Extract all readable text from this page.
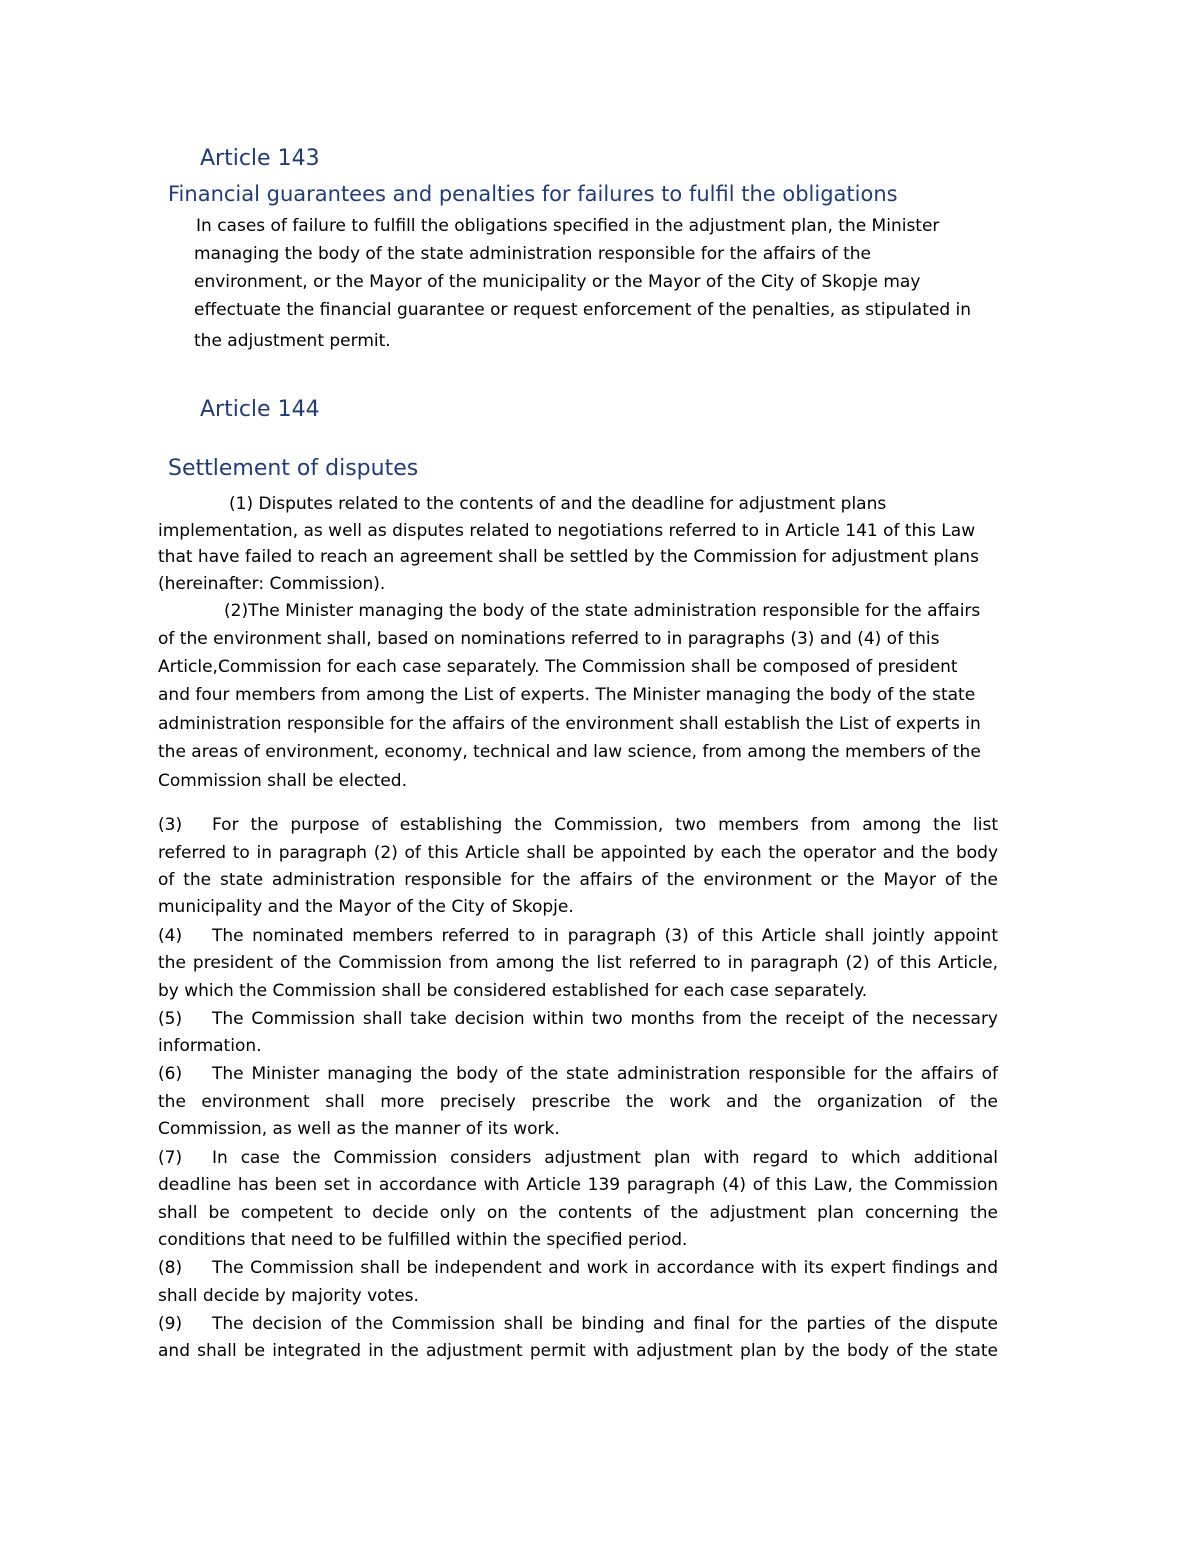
Article 143
Financial guarantees and penalties for failures to fulfil the obligations

In cases of failure to fulfill the obligations specified in the adjustment plan, the Minister

managing the body of the state administration responsible for the affairs of the

environment, or the Mayor of the municipality or the Mayor of the City of Skopje may

effectuate the financial guarantee or request enforcement of the penalties, as stipulated in

the adjustment permit.

Article 144
Settlement of disputes

(1) Disputes related to the contents of and the deadline for adjustment plans

implementation, as well as disputes related to negotiations referred to in Article 141 of this Law

that have failed to reach an agreement shall be settled by the Commission for adjustment plans

(hereinafter: Commission).

(2)The Minister managing the body of the state administration responsible for the affairs

of the environment shall, based on nominations referred to in paragraphs (3) and (4) of this

Article,Commission for each case separately. The Commission shall be composed of president

and four members from among the List of experts. The Minister managing the body of the state

administration responsible for the affairs of the environment shall establish the List of experts in

the areas of environment, economy, technical and law science, from among the members of the

Commission shall be elected.

(3) For the purpose of establishing the Commission, two members from among the list

referred to in paragraph (2) of this Article shall be appointed by each the operator and the body

of the state administration responsible for the affairs of the environment or the Mayor of the

municipality and the Mayor of the City of Skopje.

(4) The nominated members referred to in paragraph (3) of this Article shall jointly appoint

the president of the Commission from among the list referred to in paragraph (2) of this Article,

by which the Commission shall be considered established for each case separately.

(5) The Commission shall take decision within two months from the receipt of the necessary

information.

(6) The Minister managing the body of the state administration responsible for the affairs of

the environment shall more precisely prescribe the work and the organization of the

Commission, as well as the manner of its work.

(7) In case the Commission considers adjustment plan with regard to which additional

deadline has been set in accordance with Article 139 paragraph (4) of this Law, the Commission

shall be competent to decide only on the contents of the adjustment plan concerning the

conditions that need to be fulfilled within the specified period.

(8) The Commission shall be independent and work in accordance with its expert findings and

shall decide by majority votes.

(9) The decision of the Commission shall be binding and final for the parties of the dispute

and shall be integrated in the adjustment permit with adjustment plan by the body of the state
